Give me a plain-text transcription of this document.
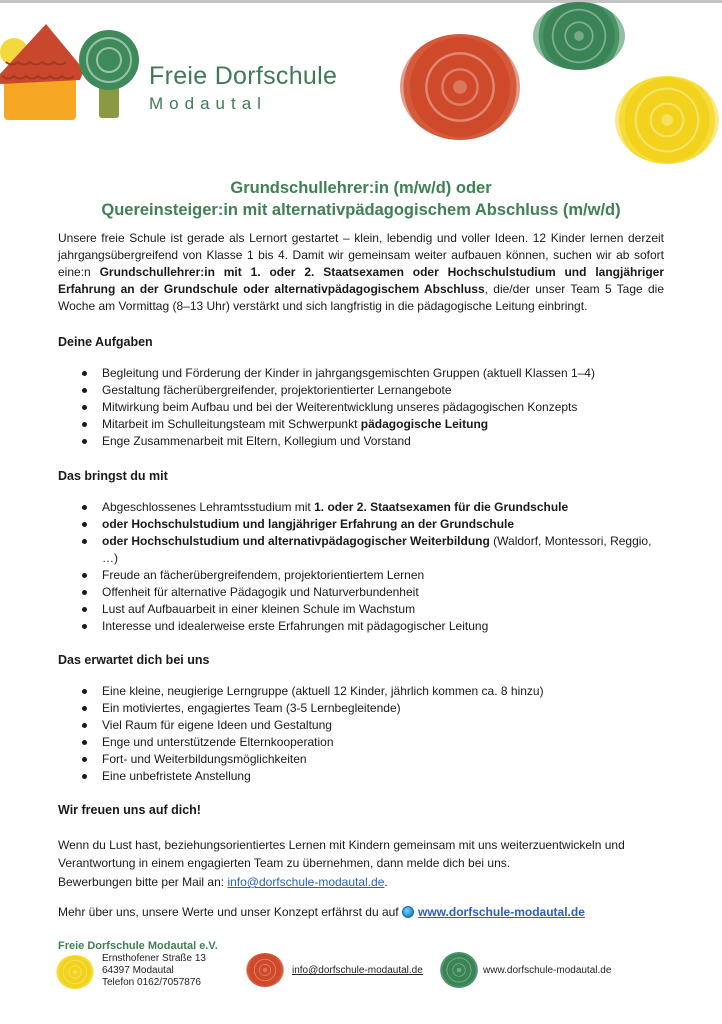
Freie Dorfschule
Modautal
Grundschullehrer:in (m/w/d) oder
Quereinsteiger:in mit alternativpädagogischem Abschluss (m/w/d)

Unsere freie Schule ist gerade als Lernort gestartet – klein, lebendig und voller Ideen. 12 Kinder lernen derzeit jahrgangsübergreifend von Klasse 1 bis 4. Damit wir gemeinsam weiter aufbauen können, suchen wir ab sofort eine:n Grundschullehrer:in mit 1. oder 2. Staatsexamen oder Hochschulstudium und langjähriger Erfahrung an der Grundschule oder alternativpädagogischem Abschluss, die/der unser Team 5 Tage die Woche am Vormittag (8–13 Uhr) verstärkt und sich langfristig in die pädagogische Leitung einbringt.

Deine Aufgaben
Begleitung und Förderung der Kinder in jahrgangsgemischten Gruppen (aktuell Klassen 1–4)
Gestaltung fächerübergreifender, projektorientierter Lernangebote
Mitwirkung beim Aufbau und bei der Weiterentwicklung unseres pädagogischen Konzepts
Mitarbeit im Schulleitungsteam mit Schwerpunkt pädagogische Leitung
Enge Zusammenarbeit mit Eltern, Kollegium und Vorstand
Das bringst du mit
Abgeschlossenes Lehramtsstudium mit 1. oder 2. Staatsexamen für die Grundschule
oder Hochschulstudium und langjähriger Erfahrung an der Grundschule
oder Hochschulstudium und alternativpädagogischer Weiterbildung (Waldorf, Montessori, Reggio, …)
Freude an fächerübergreifendem, projektorientiertem Lernen
Offenheit für alternative Pädagogik und Naturverbundenheit
Lust auf Aufbauarbeit in einer kleinen Schule im Wachstum
Interesse und idealerweise erste Erfahrungen mit pädagogischer Leitung
Das erwartet dich bei uns
Eine kleine, neugierige Lerngruppe (aktuell 12 Kinder, jährlich kommen ca. 8 hinzu)
Ein motiviertes, engagiertes Team (3-5 Lernbegleitende)
Viel Raum für eigene Ideen und Gestaltung
Enge und unterstützende Elternkooperation
Fort- und Weiterbildungsmöglichkeiten
Eine unbefristete Anstellung
Wir freuen uns auf dich!

Wenn du Lust hast, beziehungsorientiertes Lernen mit Kindern gemeinsam mit uns weiterzuentwickeln und Verantwortung in einem engagierten Team zu übernehmen, dann melde dich bei uns.

Bewerbungen bitte per Mail an: info@dorfschule-modautal.de.

Mehr über uns, unsere Werte und unser Konzept erfährst du auf www.dorfschule-modautal.de

Freie Dorfschule Modautal e.V.
Ernsthofener Straße 13
64397 Modautal
Telefon 0162/7057876
info@dorfschule-modautal.de	www.dorfschule-modautal.de
